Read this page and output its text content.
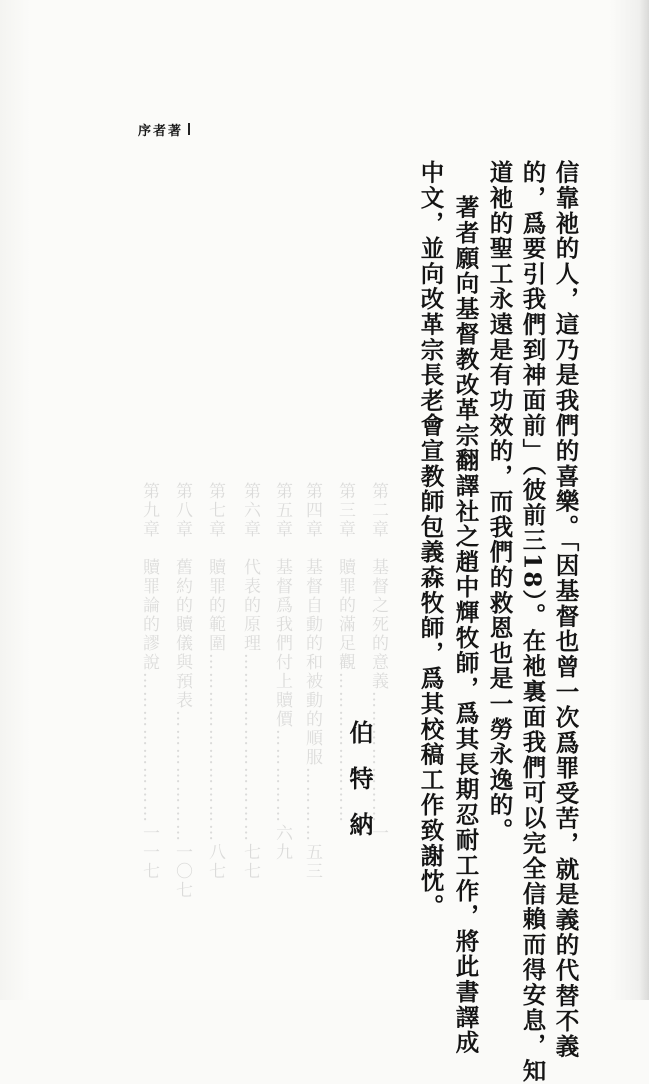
第二章　基督之死的意義…………………一
第三章　贖罪的滿足觀……………………
第四章　基督自動的和被動的順服…………五三
第五章　基督爲我們付上贖價……………六九
第六章　代表的原理…………………………七七
第七章　贖罪的範圍…………………………八七
第八章　舊約的贖儀與預表…………………一〇七
第九章　贖罪論的謬說……………………一一七
序者著
信靠祂的人，這乃是我們的喜樂。「因基督也曾一次爲罪受苦，就是義的代替不義
的，爲要引我們到神面前」（彼前三18）。在祂裏面我們可以完全信賴而得安息，知
道祂的聖工永遠是有功效的，而我們的救恩也是一勞永逸的。
著者願向基督教改革宗翻譯社之趙中輝牧師，爲其長期忍耐工作，將此書譯成
中文，並向改革宗長老會宣教師包義森牧師，爲其校稿工作致謝忱。
伯特納
